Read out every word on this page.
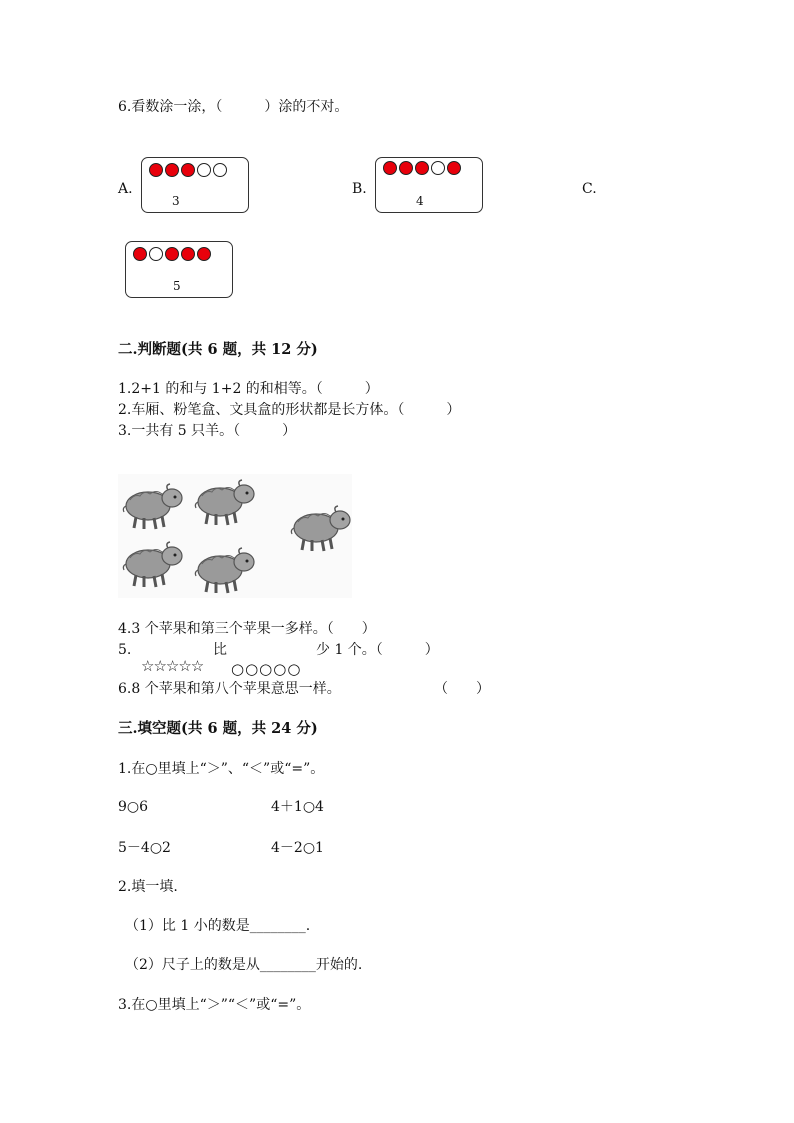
6.看数涂一涂，（　　　）涂的不对。
A.
3
B.
4
C.
5
二.判断题(共 6 题，共 12 分)
1.2+1 的和与 1+2 的和相等。（　　　）
2.车厢、粉笔盒、文具盒的形状都是长方体。（　　　）
3.一共有 5 只羊。（　　　）
4.3 个苹果和第三个苹果一多样。（　　）
5.	比	少 1 个。（　　　）
☆☆☆☆☆ ○○○○○
6.8 个苹果和第八个苹果意思一样。	（　　）
三.填空题(共 6 题，共 24 分)
1.在○里填上“＞”、“＜”或“=”。
9○6	4＋1○4
5－4○2	4－2○1
2.填一填.
（1）比 1 小的数是________.
（2）尺子上的数是从________开始的.
3.在○里填上“＞”“＜”或“=”。
